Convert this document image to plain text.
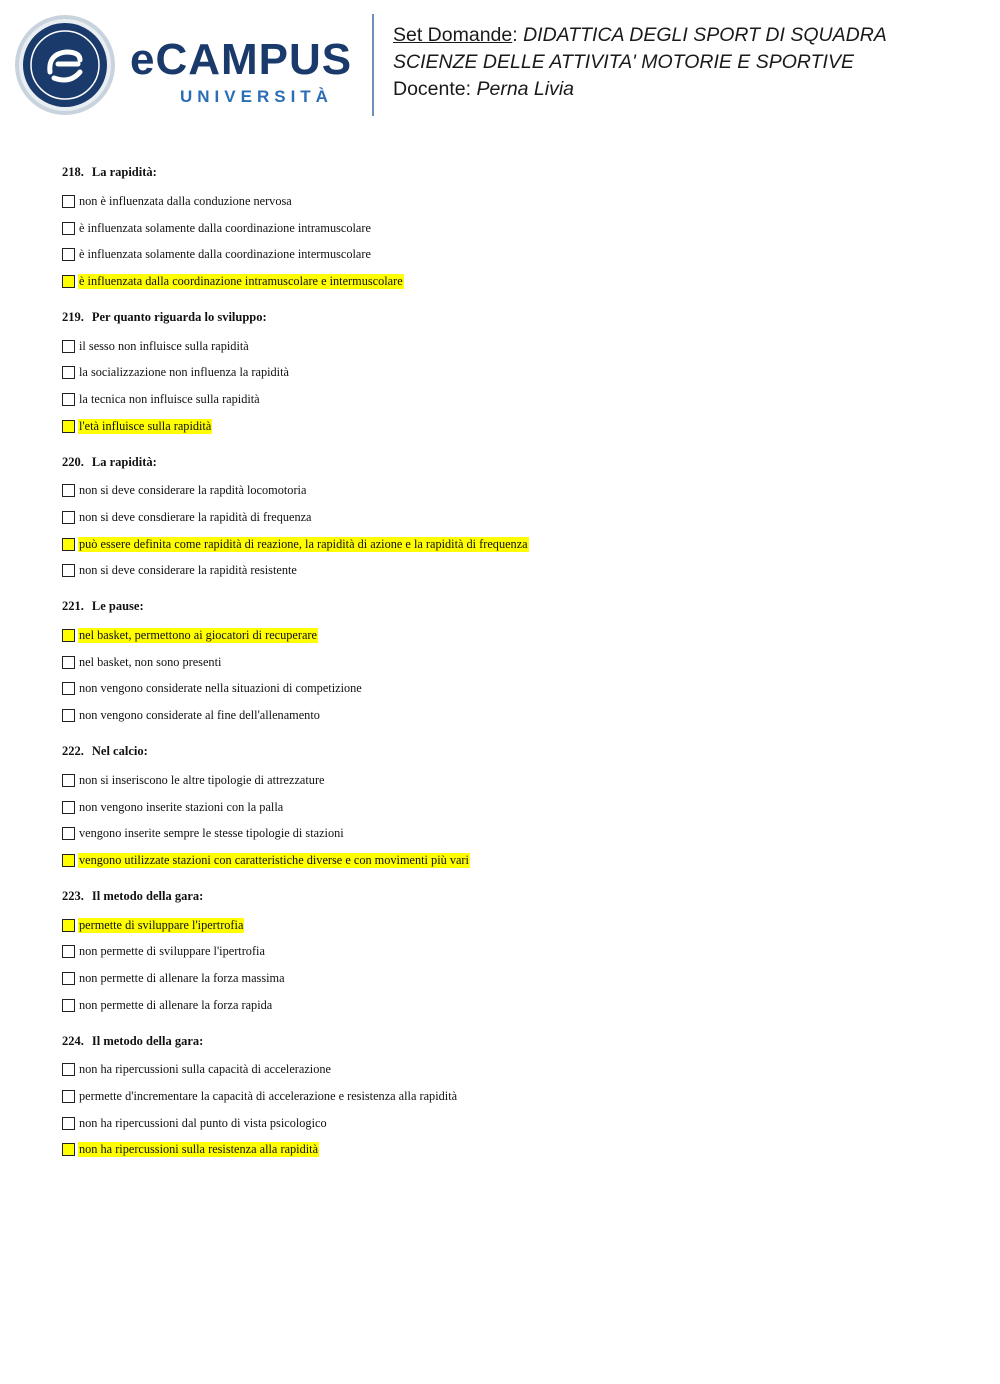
eCAMPUS
UNIVERSITÀ
Set Domande: DIDATTICA DEGLI SPORT DI SQUADRA
SCIENZE DELLE ATTIVITA' MOTORIE E SPORTIVE
Docente: Perna Livia
218. La rapidità:
non è influenzata dalla conduzione nervosa
è influenzata solamente dalla coordinazione intramuscolare
è influenzata solamente dalla coordinazione intermuscolare
è influenzata dalla coordinazione intramuscolare e intermuscolare
219. Per quanto riguarda lo sviluppo:
il sesso non influisce sulla rapidità
la socializzazione non influenza la rapidità
la tecnica non influisce sulla rapidità
l'età influisce sulla rapidità
220. La rapidità:
non si deve considerare la rapdità locomotoria
non si deve consdierare la rapidità di frequenza
può essere definita come rapidità di reazione, la rapidità di azione e la rapidità di frequenza
non si deve considerare la rapidità resistente
221. Le pause:
nel basket, permettono ai giocatori di recuperare
nel basket, non sono presenti
non vengono considerate nella situazioni di competizione
non vengono considerate al fine dell'allenamento
222. Nel calcio:
non si inseriscono le altre tipologie di attrezzature
non vengono inserite stazioni con la palla
vengono inserite sempre le stesse tipologie di stazioni
vengono utilizzate stazioni con caratteristiche diverse e con movimenti più vari
223. Il metodo della gara:
permette di sviluppare l'ipertrofia
non permette di sviluppare l'ipertrofia
non permette di allenare la forza massima
non permette di allenare la forza rapida
224. Il metodo della gara:
non ha ripercussioni sulla capacità di accelerazione
permette d'incrementare la capacità di accelerazione e resistenza alla rapidità
non ha ripercussioni dal punto di vista psicologico
non ha ripercussioni sulla resistenza alla rapidità
